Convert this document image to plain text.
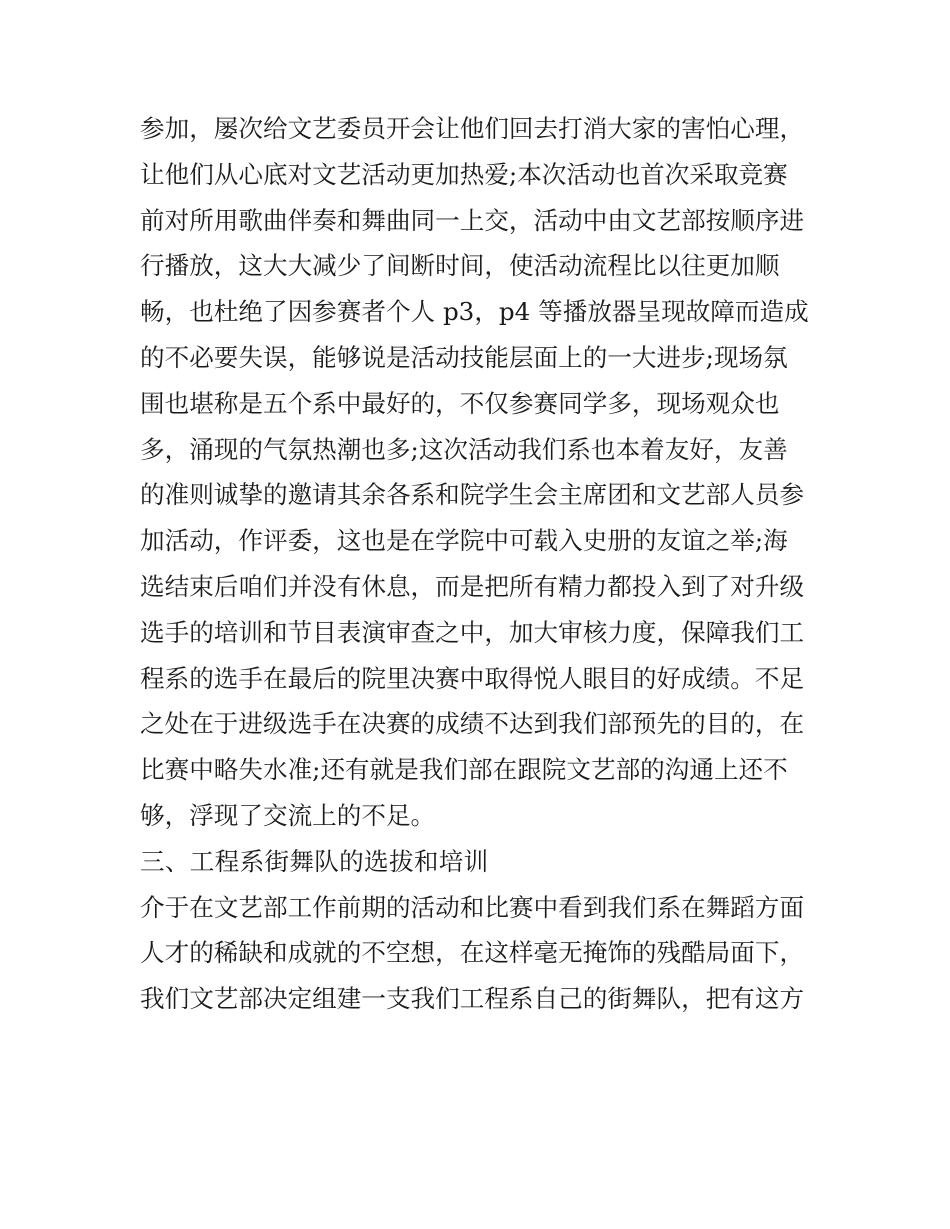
参加，屡次给文艺委员开会让他们回去打消大家的害怕心理，
让他们从心底对文艺活动更加热爱;本次活动也首次采取竞赛
前对所用歌曲伴奏和舞曲同一上交，活动中由文艺部按顺序进
行播放，这大大减少了间断时间，使活动流程比以往更加顺
畅，也杜绝了因参赛者个人 p3，p4 等播放器呈现故障而造成
的不必要失误，能够说是活动技能层面上的一大进步;现场氛
围也堪称是五个系中最好的，不仅参赛同学多，现场观众也
多，涌现的气氛热潮也多;这次活动我们系也本着友好，友善
的准则诚挚的邀请其余各系和院学生会主席团和文艺部人员参
加活动，作评委，这也是在学院中可载入史册的友谊之举;海
选结束后咱们并没有休息，而是把所有精力都投入到了对升级
选手的培训和节目表演审查之中，加大审核力度，保障我们工
程系的选手在最后的院里决赛中取得悦人眼目的好成绩。不足
之处在于进级选手在决赛的成绩不达到我们部预先的目的，在
比赛中略失水准;还有就是我们部在跟院文艺部的沟通上还不
够，浮现了交流上的不足。
三、工程系街舞队的选拔和培训
介于在文艺部工作前期的活动和比赛中看到我们系在舞蹈方面
人才的稀缺和成就的不空想，在这样毫无掩饰的残酷局面下，
我们文艺部决定组建一支我们工程系自己的街舞队，把有这方
